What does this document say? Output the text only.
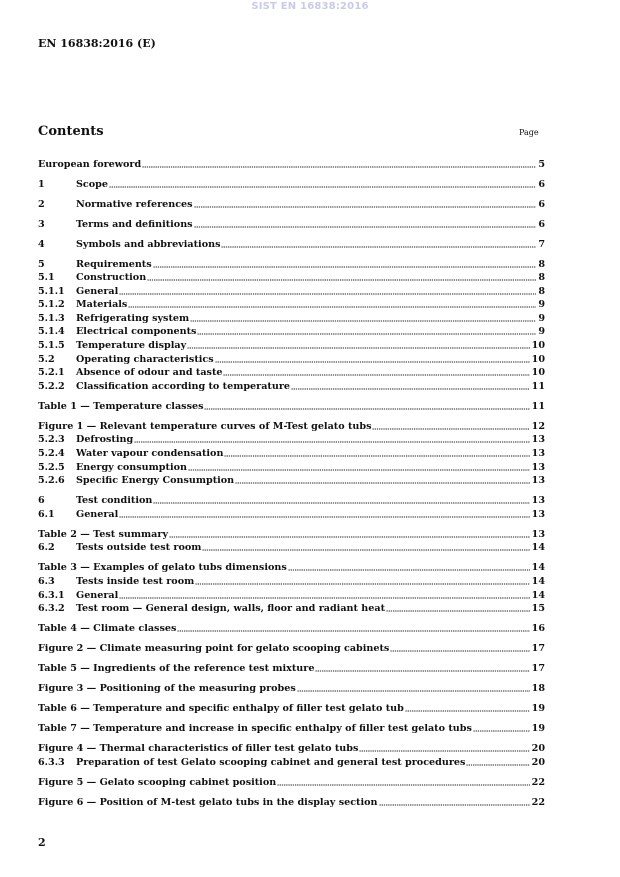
SIST EN 16838:2016
EN 16838:2016 (E)
Contents	Page
European foreword	5
1	Scope	6
2	Normative references	6
3	Terms and definitions	6
4	Symbols and abbreviations	7
5	Requirements	8
5.1	Construction	8
5.1.1	General	8
5.1.2	Materials	9
5.1.3	Refrigerating system	9
5.1.4	Electrical components	9
5.1.5	Temperature display	10
5.2	Operating characteristics	10
5.2.1	Absence of odour and taste	10
5.2.2	Classification according to temperature	11
Table 1 — Temperature classes	11
Figure 1 — Relevant temperature curves of M-Test gelato tubs	12
5.2.3	Defrosting	13
5.2.4	Water vapour condensation	13
5.2.5	Energy consumption	13
5.2.6	Specific Energy Consumption	13
6	Test condition	13
6.1	General	13
Table 2 — Test summary	13
6.2	Tests outside test room	14
Table 3 — Examples of gelato tubs dimensions	14
6.3	Tests inside test room	14
6.3.1	General	14
6.3.2	Test room — General design, walls, floor and radiant heat	15
Table 4 — Climate classes	16
Figure 2 — Climate measuring point for gelato scooping cabinets	17
Table 5 — Ingredients of the reference test mixture	17
Figure 3 — Positioning of the measuring probes	18
Table 6 — Temperature and specific enthalpy of filler test gelato tub	19
Table 7 — Temperature and increase in specific enthalpy of filler test gelato tubs	19
Figure 4 — Thermal characteristics of filler test gelato tubs	20
6.3.3	Preparation of test Gelato scooping cabinet and general test procedures	20
Figure 5 — Gelato scooping cabinet position	22
Figure 6 — Position of M-test gelato tubs in the display section	22
2
